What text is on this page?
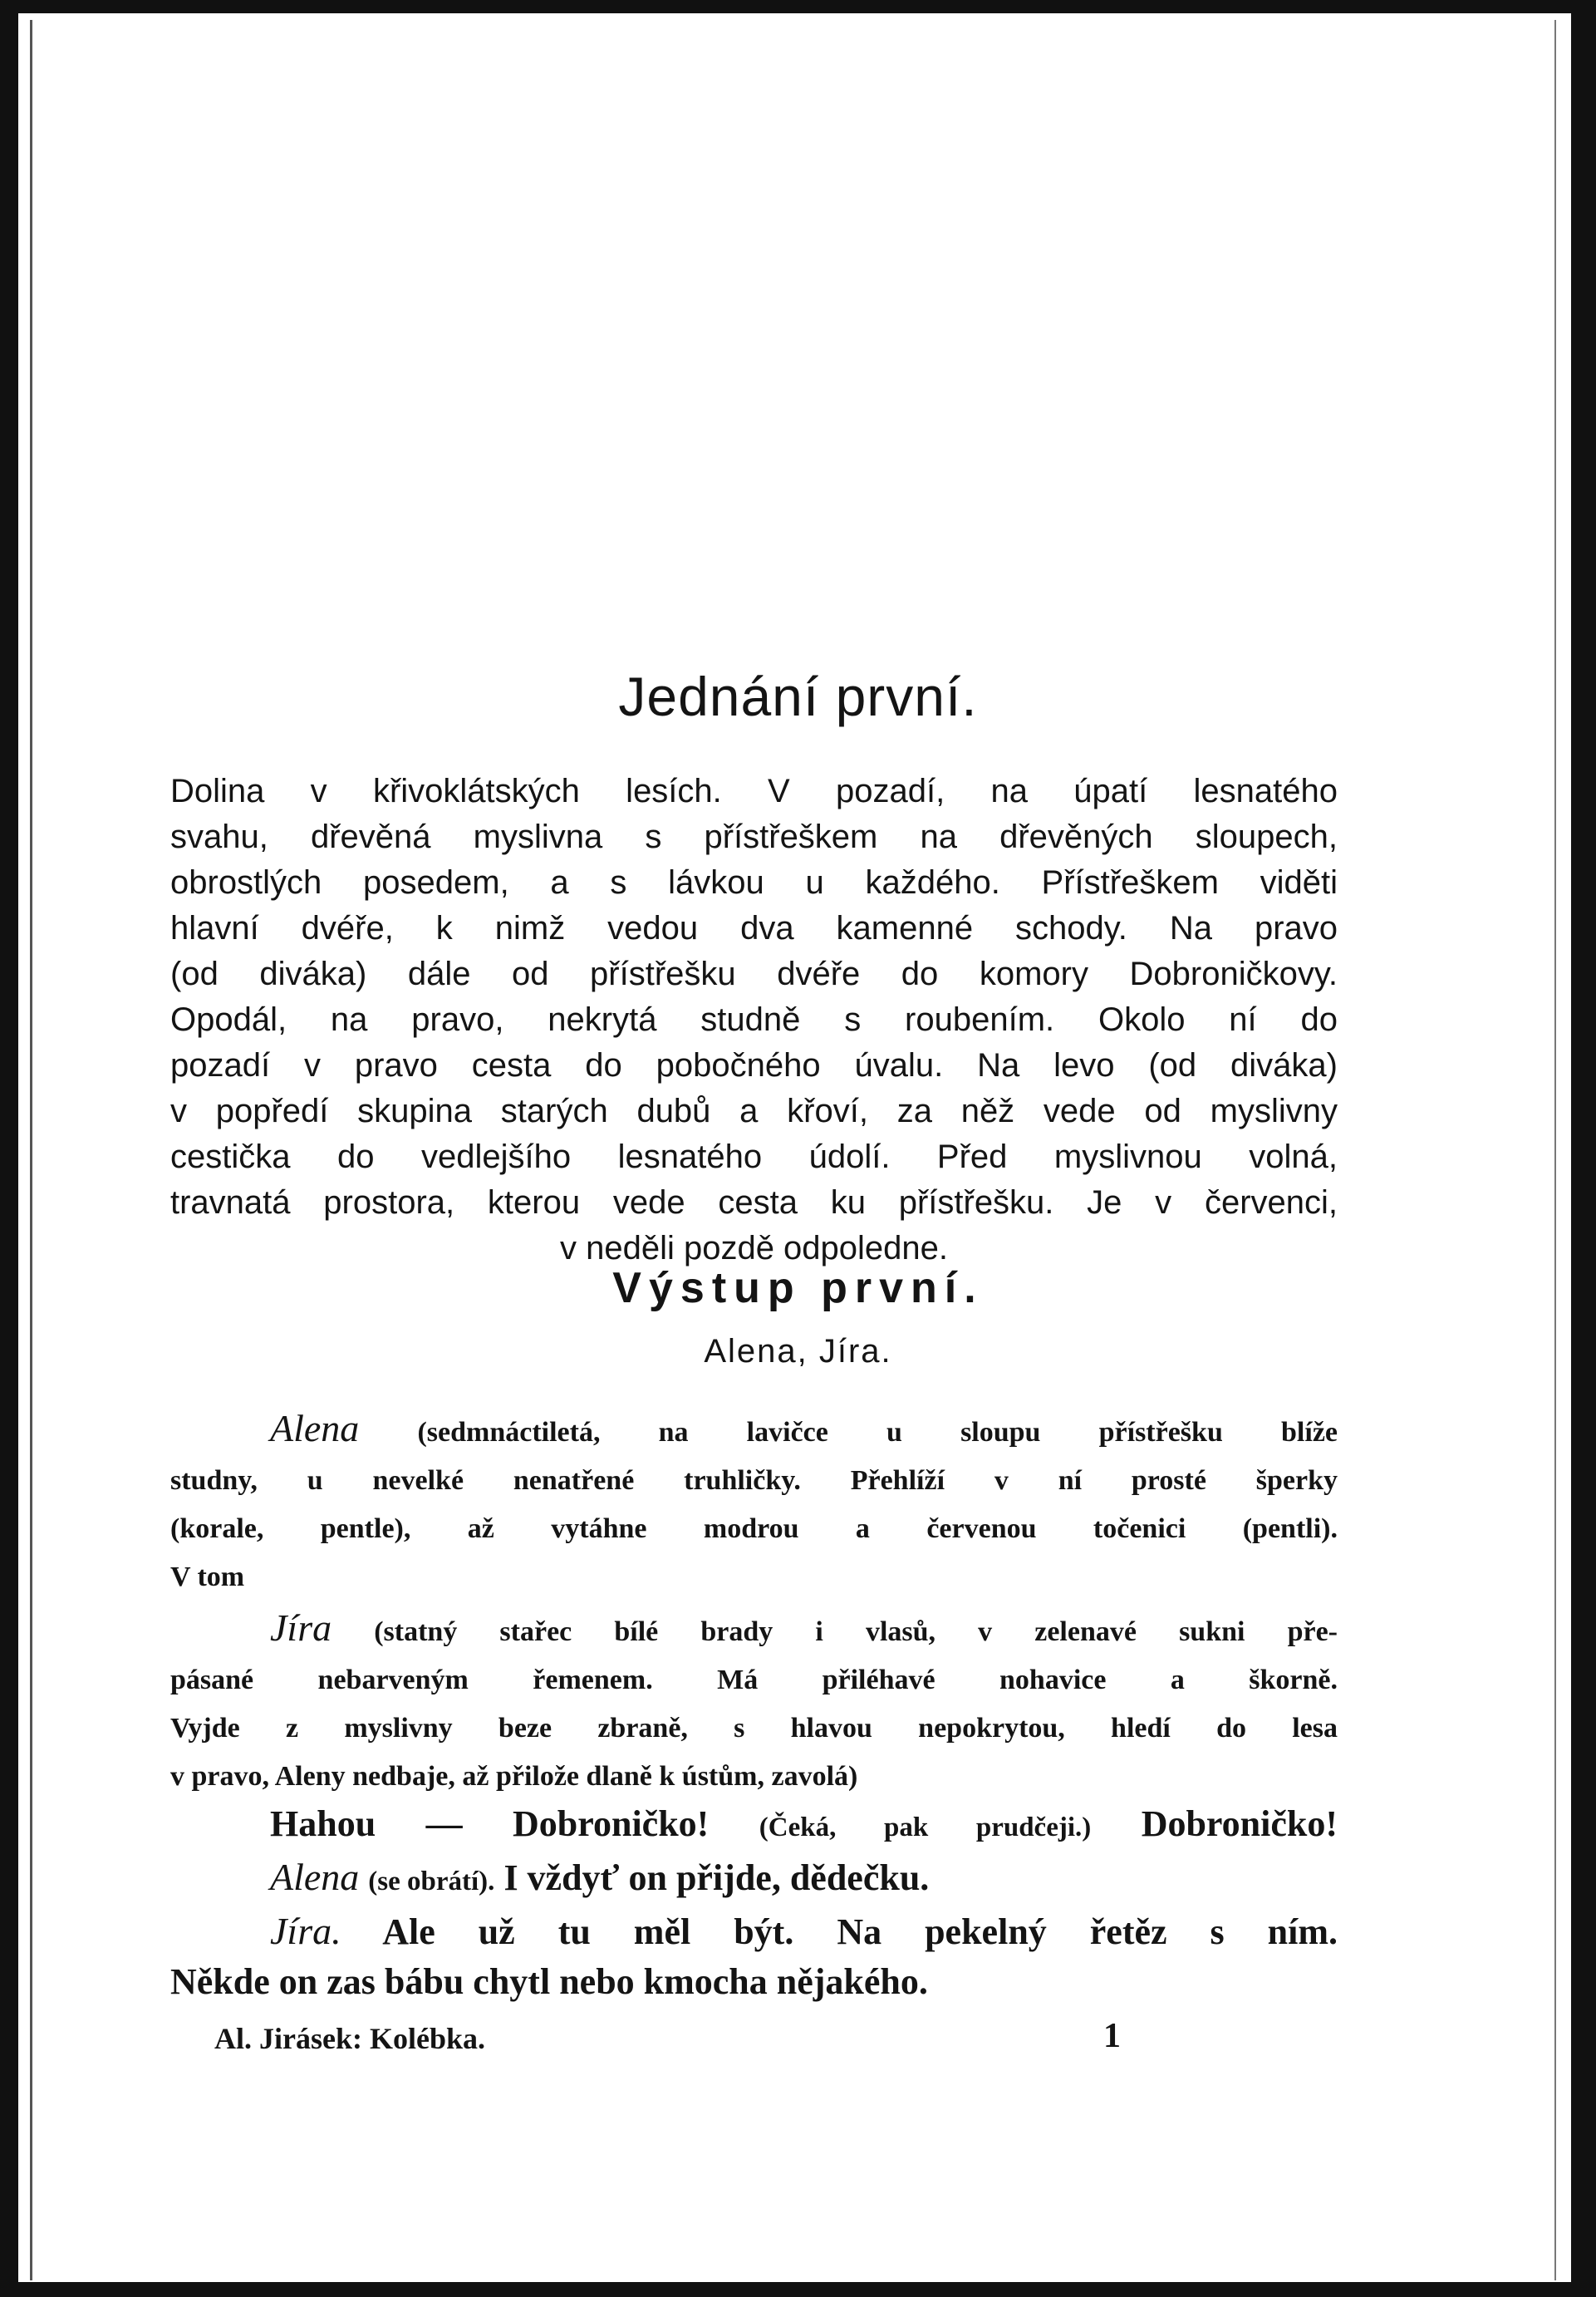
Jednání první.
Dolina v křivoklátských lesích. V pozadí, na úpatí lesnatého
svahu, dřevěná myslivna s přístřeškem na dřevěných sloupech,
obrostlých posedem, a s lávkou u každého. Přístřeškem viděti
hlavní dvéře, k nimž vedou dva kamenné schody. Na pravo
(od diváka) dále od přístřešku dvéře do komory Dobroničkovy.
Opodál, na pravo, nekrytá studně s roubením. Okolo ní do
pozadí v pravo cesta do pobočného úvalu. Na levo (od diváka)
v popředí skupina starých dubů a křoví, za něž vede od myslivny
cestička do vedlejšího lesnatého údolí. Před myslivnou volná,
travnatá prostora, kterou vede cesta ku přístřešku. Je v červenci,
v neděli pozdě odpoledne.
Výstup první.
Alena, Jíra.
Alena (sedmnáctiletá, na lavičce u sloupu přístřešku blíže
studny, u nevelké nenatřené truhličky. Přehlíží v ní prosté šperky
(korale, pentle), až vytáhne modrou a červenou točenici (pentli).
V tom
Jíra (statný stařec bílé brady i vlasů, v zelenavé sukni pře-
pásané nebarveným řemenem. Má přiléhavé nohavice a škorně.
Vyjde z myslivny beze zbraně, s hlavou nepokrytou, hledí do lesa
v pravo, Aleny nedbaje, až přilože dlaně k ústům, zavolá)
Hahou — Dobroničko! (Čeká, pak prudčeji.) Dobroničko!
Alena (se obrátí). I vždyť on přijde, dědečku.
Jíra. Ale už tu měl být. Na pekelný řetěz s ním.
Někde on zas bábu chytl nebo kmocha nějakého.
Al. Jirásek: Kolébka.	1
